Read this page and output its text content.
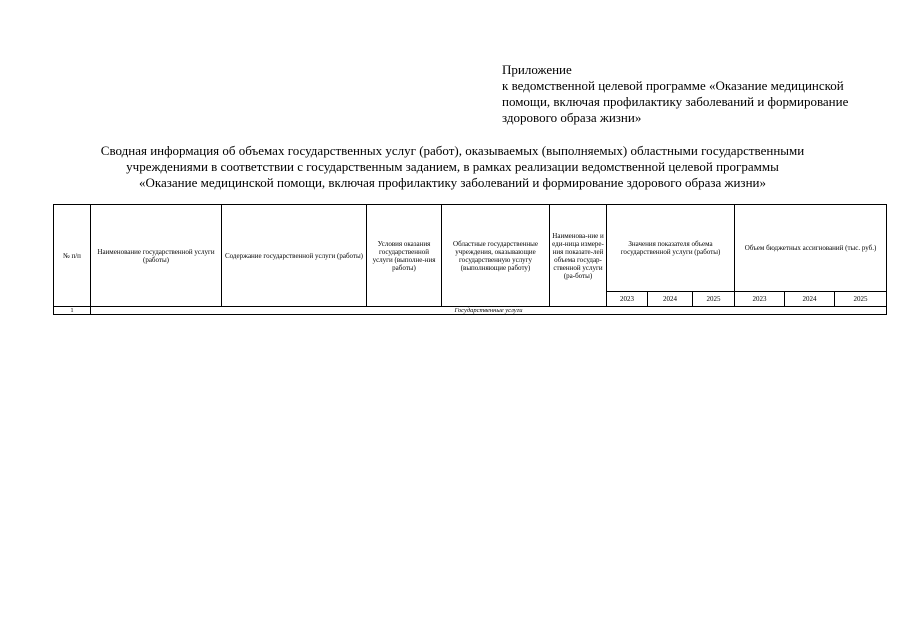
Приложение
к ведомственной целевой программе «Оказание медицинской
помощи, включая профилактику заболеваний и формирование
здорового образа жизни»
Сводная информация об объемах государственных услуг (работ), оказываемых (выполняемых) областными государственными
учреждениями в соответствии с государственным заданием, в рамках реализации ведомственной целевой программы
«Оказание медицинской помощи, включая профилактику заболеваний и формирование здорового образа жизни»
№ п/п	Наименование государственной услуги (работы)	Содержание государственной услуги (работы)	Условия оказания государственной услуги (выполне-ния работы)	Областные государственные учреждения, оказывающие государственную услугу (выполняющие работу)	Наименова-ние и еди-ница измере-ния показате-лей объема государ-ственной услуги (ра-боты)	Значения показателя объема государственной услуги (работы)			Объем бюджетных ассигнований (тыс. руб.)		
						2023	2024	2025	2023	2024	2025
1	Государственные услуги										
